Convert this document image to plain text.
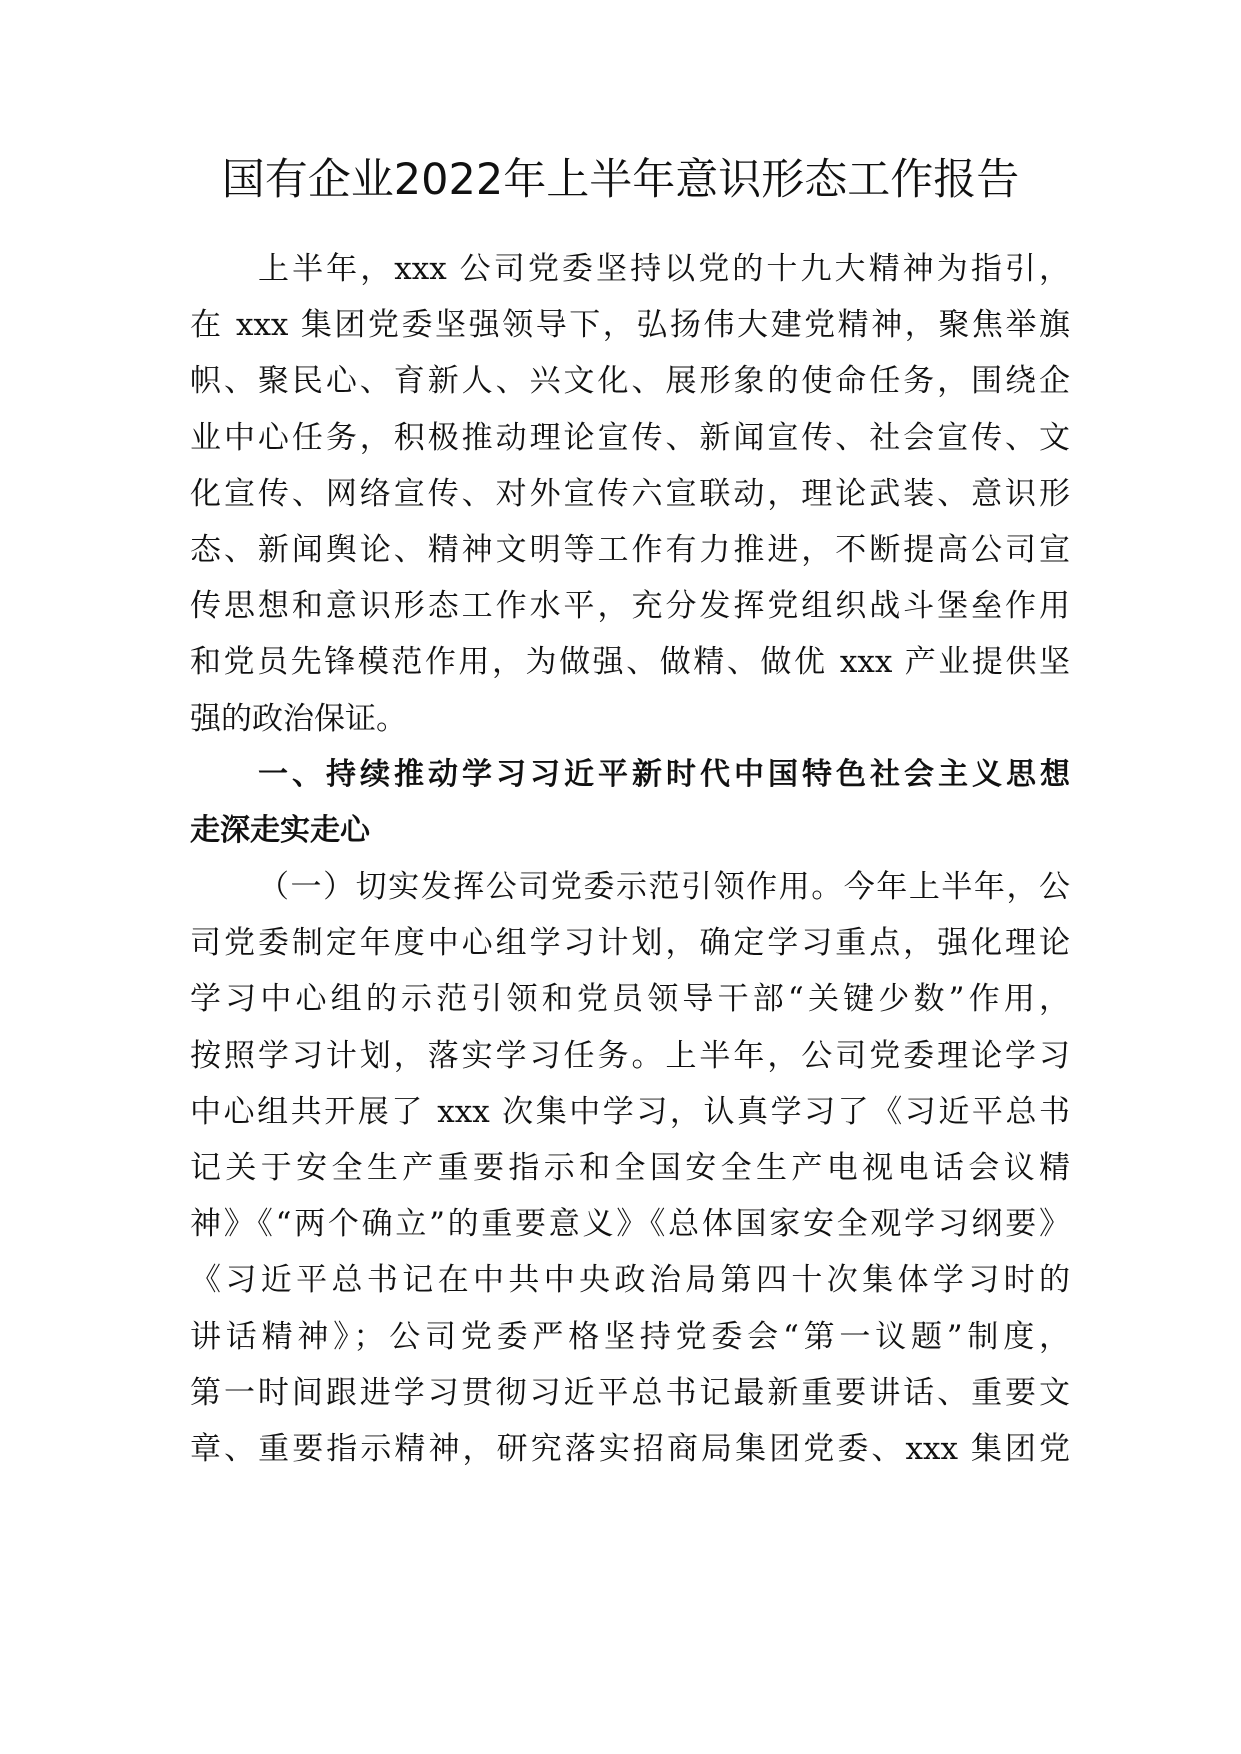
国有企业2022年上半年意识形态工作报告
上半年，xxx 公司党委坚持以党的十九大精神为指引，
在 xxx 集团党委坚强领导下，弘扬伟大建党精神，聚焦举旗
帜、聚民心、育新人、兴文化、展形象的使命任务，围绕企
业中心任务，积极推动理论宣传、新闻宣传、社会宣传、文
化宣传、网络宣传、对外宣传六宣联动，理论武装、意识形
态、新闻舆论、精神文明等工作有力推进，不断提高公司宣
传思想和意识形态工作水平，充分发挥党组织战斗堡垒作用
和党员先锋模范作用，为做强、做精、做优 xxx 产业提供坚
强的政治保证。
一、持续推动学习习近平新时代中国特色社会主义思想
走深走实走心
（一）切实发挥公司党委示范引领作用。今年上半年，公
司党委制定年度中心组学习计划，确定学习重点，强化理论
学习中心组的示范引领和党员领导干部“关键少数”作用，
按照学习计划，落实学习任务。上半年，公司党委理论学习
中心组共开展了 xxx 次集中学习，认真学习了《习近平总书
记关于安全生产重要指示和全国安全生产电视电话会议精
神》《“两个确立”的重要意义》《总体国家安全观学习纲要》
《习近平总书记在中共中央政治局第四十次集体学习时的
讲话精神》；公司党委严格坚持党委会“第一议题”制度，
第一时间跟进学习贯彻习近平总书记最新重要讲话、重要文
章、重要指示精神，研究落实招商局集团党委、xxx 集团党
